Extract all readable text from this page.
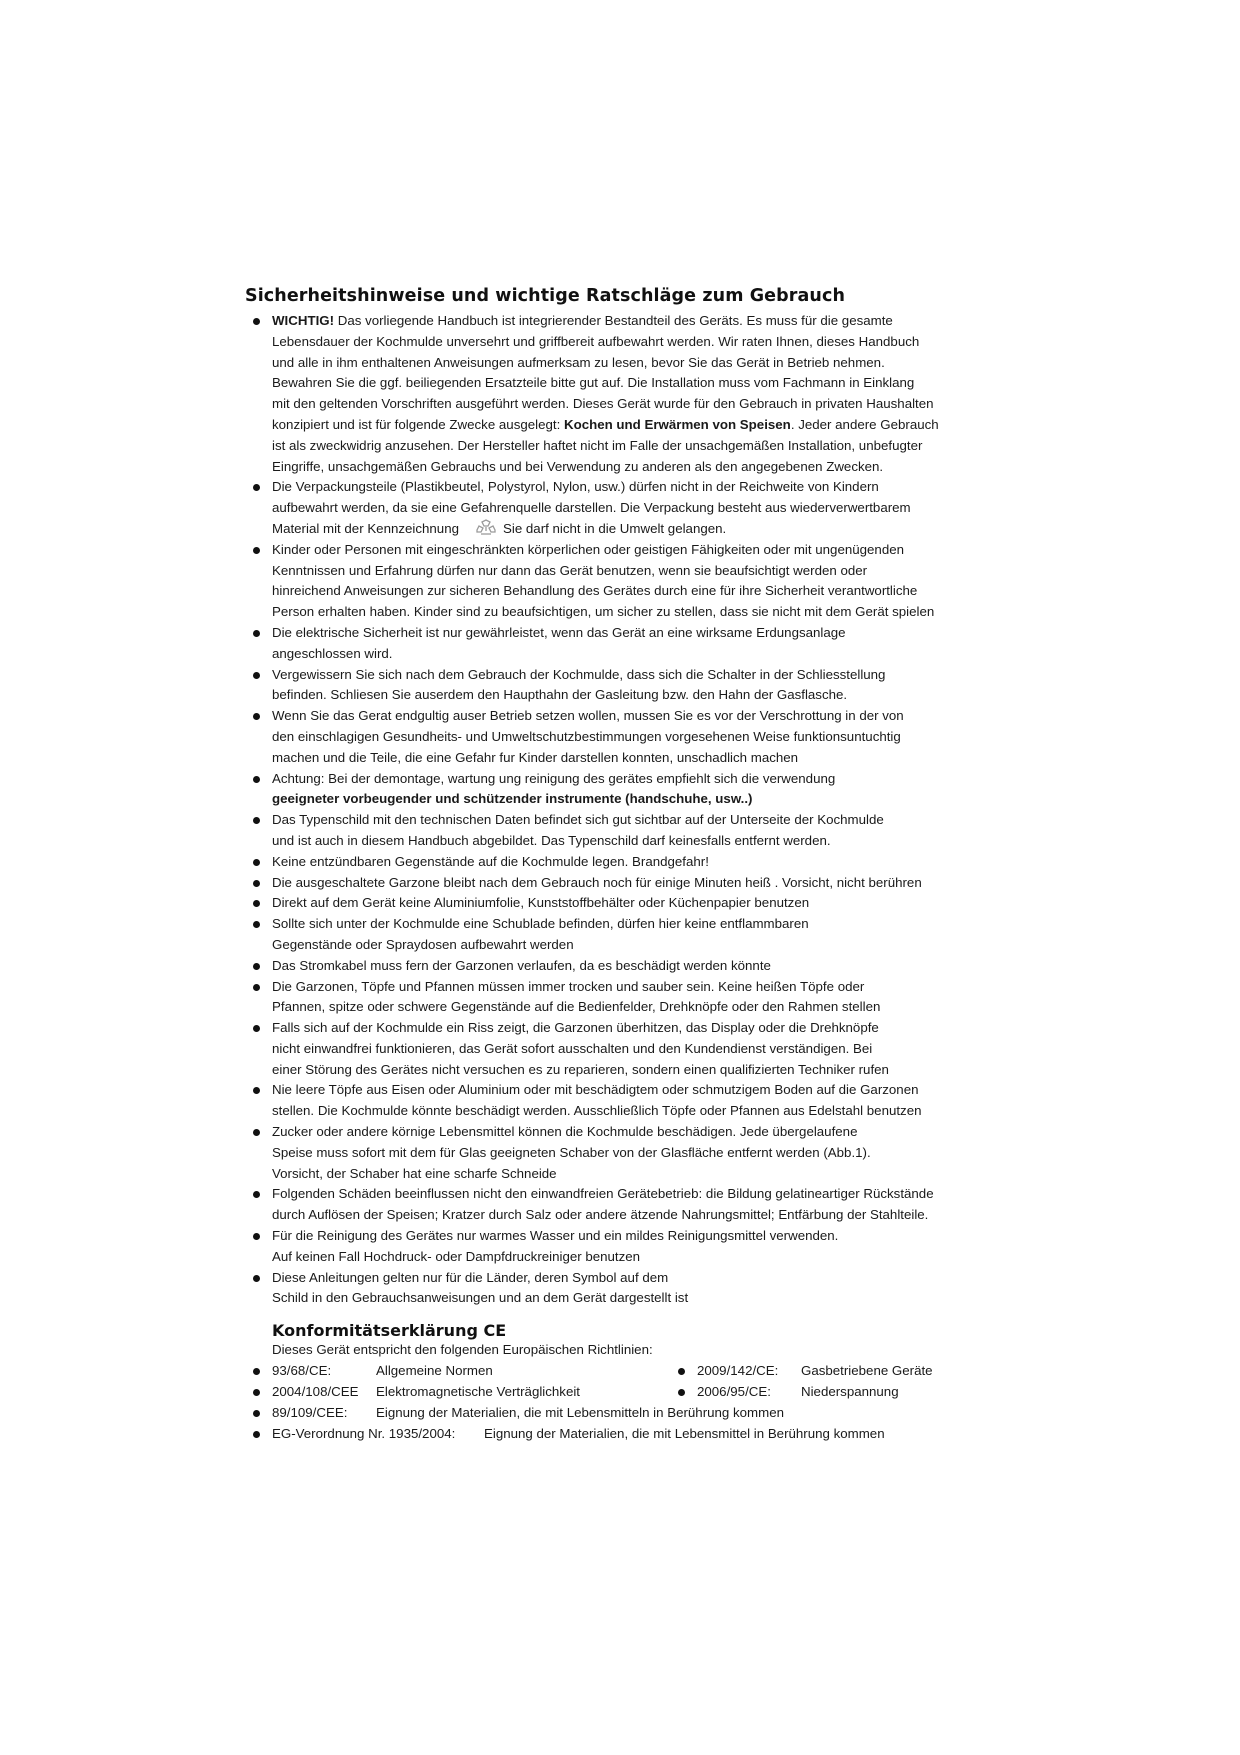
Sicherheitshinweise und wichtige Ratschläge zum Gebrauch
WICHTIG! Das vorliegende Handbuch ist integrierender Bestandteil des Geräts. Es muss für die gesamte
Lebensdauer der Kochmulde unversehrt und griffbereit aufbewahrt werden. Wir raten Ihnen, dieses Handbuch
und alle in ihm enthaltenen Anweisungen aufmerksam zu lesen, bevor Sie das Gerät in Betrieb nehmen.
Bewahren Sie die ggf. beiliegenden Ersatzteile bitte gut auf. Die Installation muss vom Fachmann in Einklang
mit den geltenden Vorschriften ausgeführt werden. Dieses Gerät wurde für den Gebrauch in privaten Haushalten
konzipiert und ist für folgende Zwecke ausgelegt: Kochen und Erwärmen von Speisen. Jeder andere Gebrauch
ist als zweckwidrig anzusehen. Der Hersteller haftet nicht im Falle der unsachgemäßen Installation, unbefugter
Eingriffe, unsachgemäßen Gebrauchs und bei Verwendung zu anderen als den angegebenen Zwecken.
Die Verpackungsteile (Plastikbeutel, Polystyrol, Nylon, usw.) dürfen nicht in der Reichweite von Kindern
aufbewahrt werden, da sie eine Gefahrenquelle darstellen. Die Verpackung besteht aus wiederverwertbarem
Material mit der Kennzeichnung	Sie darf nicht in die Umwelt gelangen.
Kinder oder Personen mit eingeschränkten körperlichen oder geistigen Fähigkeiten oder mit ungenügenden
Kenntnissen und Erfahrung dürfen nur dann das Gerät benutzen, wenn sie beaufsichtigt werden oder
hinreichend Anweisungen zur sicheren Behandlung des Gerätes durch eine für ihre Sicherheit verantwortliche
Person erhalten haben. Kinder sind zu beaufsichtigen, um sicher zu stellen, dass sie nicht mit dem Gerät spielen
Die elektrische Sicherheit ist nur gewährleistet, wenn das Gerät an eine wirksame Erdungsanlage
angeschlossen wird.
Vergewissern Sie sich nach dem Gebrauch der Kochmulde, dass sich die Schalter in der Schliesstellung
befinden. Schliesen Sie auserdem den Haupthahn der Gasleitung bzw. den Hahn der Gasflasche.
Wenn Sie das Gerat endgultig auser Betrieb setzen wollen, mussen Sie es vor der Verschrottung in der von
den einschlagigen Gesundheits- und Umweltschutzbestimmungen vorgesehenen Weise funktionsuntuchtig
machen und die Teile, die eine Gefahr fur Kinder darstellen konnten, unschadlich machen
Achtung: Bei der demontage, wartung ung reinigung des gerätes empfiehlt sich die verwendung
geeigneter vorbeugender und schützender instrumente (handschuhe, usw..)
Das Typenschild mit den technischen Daten befindet sich gut sichtbar auf der Unterseite der Kochmulde
und ist auch in diesem Handbuch abgebildet. Das Typenschild darf keinesfalls entfernt werden.
Keine entzündbaren Gegenstände auf die Kochmulde legen. Brandgefahr!
Die ausgeschaltete Garzone bleibt nach dem Gebrauch noch für einige Minuten heiß . Vorsicht, nicht berühren
Direkt auf dem Gerät keine Aluminiumfolie, Kunststoffbehälter oder Küchenpapier benutzen
Sollte sich unter der Kochmulde eine Schublade befinden, dürfen hier keine entflammbaren
Gegenstände oder Spraydosen aufbewahrt werden
Das Stromkabel muss fern der Garzonen verlaufen, da es beschädigt werden könnte
Die Garzonen, Töpfe und Pfannen müssen immer trocken und sauber sein. Keine heißen Töpfe oder
Pfannen, spitze oder schwere Gegenstände auf die Bedienfelder, Drehknöpfe oder den Rahmen stellen
Falls sich auf der Kochmulde ein Riss zeigt, die Garzonen überhitzen, das Display oder die Drehknöpfe
nicht einwandfrei funktionieren, das Gerät sofort ausschalten und den Kundendienst verständigen. Bei
einer Störung des Gerätes nicht versuchen es zu reparieren, sondern einen qualifizierten Techniker rufen
Nie leere Töpfe aus Eisen oder Aluminium oder mit beschädigtem oder schmutzigem Boden auf die Garzonen
stellen. Die Kochmulde könnte beschädigt werden. Ausschließlich Töpfe oder Pfannen aus Edelstahl benutzen
Zucker oder andere körnige Lebensmittel können die Kochmulde beschädigen. Jede übergelaufene
Speise muss sofort mit dem für Glas geeigneten Schaber von der Glasfläche entfernt werden (Abb.1).
Vorsicht, der Schaber hat eine scharfe Schneide
Folgenden Schäden beeinflussen nicht den einwandfreien Gerätebetrieb: die Bildung gelatineartiger Rückstände
durch Auflösen der Speisen; Kratzer durch Salz oder andere ätzende Nahrungsmittel; Entfärbung der Stahlteile.
Für die Reinigung des Gerätes nur warmes Wasser und ein mildes Reinigungsmittel verwenden.
Auf keinen Fall Hochdruck- oder Dampfdruckreiniger benutzen
Diese Anleitungen gelten nur für die Länder, deren Symbol auf dem
Schild in den Gebrauchsanweisungen und an dem Gerät dargestellt ist
Konformitätserklärung CE
Dieses Gerät entspricht den folgenden Europäischen Richtlinien:
93/68/CE:	Allgemeine Normen	2009/142/CE: Gasbetriebene Geräte
2004/108/CEE Elektromagnetische Verträglichkeit	2006/95/CE: Niederspannung
89/109/CEE: Eignung der Materialien, die mit Lebensmitteln in Berührung kommen
EG-Verordnung Nr. 1935/2004: Eignung der Materialien, die mit Lebensmittel in Berührung kommen
